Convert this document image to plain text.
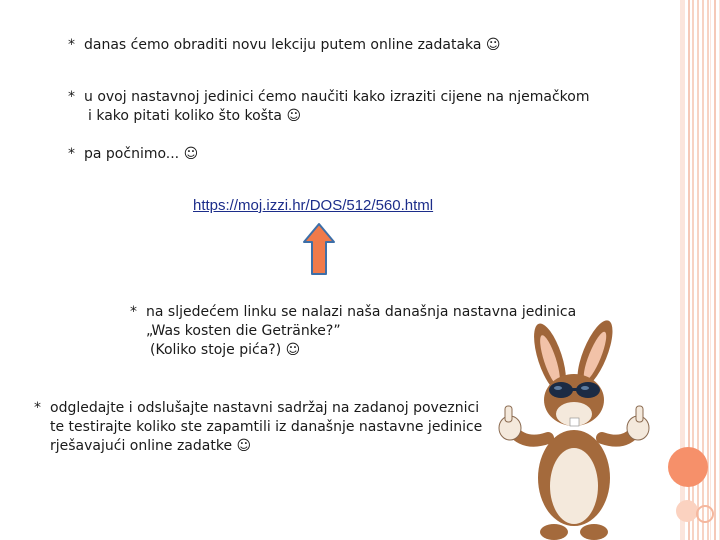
* danas ćemo obraditi novu lekciju putem online zadataka ☺
* u ovoj nastavnoj jedinici ćemo naučiti kako izraziti cijene na njemačkom
i kako pitati koliko što košta ☺
* pa počnimo... ☺
https://moj.izzi.hr/DOS/512/560.html
* na sljedećem linku se nalazi naša današnja nastavna jedinica
„Was kosten die Getränke?”
(Koliko stoje pića?) ☺
* odgledajte i odslušajte nastavni sadržaj na zadanoj poveznici
te testirajte koliko ste zapamtili iz današnje nastavne jedinice
rješavajući online zadatke ☺
